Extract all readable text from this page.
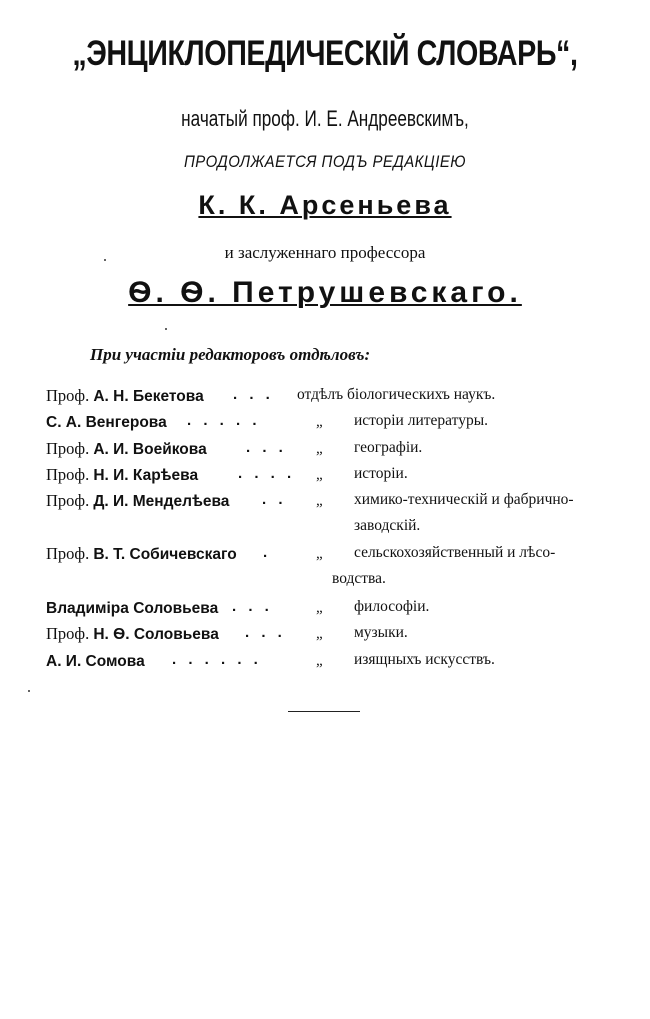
„ЭНЦИКЛОПЕДИЧЕСКІЙ СЛОВАРЬ“,
начатый проф. И. Е. Андреевскимъ,
ПРОДОЛЖАЕТСЯ ПОДЪ РЕДАКЦІЕЮ
К. К. Арсеньева
и заслуженнаго профессора
Ѳ. Ѳ. Петрушевскаго.
При участіи редакторовъ отдѣловъ:
Проф. А. Н. Бекетова . . . отдѣлъ біологическихъ наукъ.
С. А. Венгерова . . . . .	„ исторіи литературы.
Проф. А. И. Воейкова	. . . „ географіи.
Проф. Н. И. Карѣева	. . . . „ исторіи.
Проф. Д. И. Менделѣева . . „ химико-техническій и фабрично-
заводскій.
Проф. В. Т. Собичевскаго .	„ сельскохозяйственный и лѣсо-
водства.
Владиміра Соловьева . . .	„ философіи.
Проф. Н. Ѳ. Соловьева . . . „ музыки.
А. И. Сомова . . . . . .	„ изящныхъ искусствъ.
